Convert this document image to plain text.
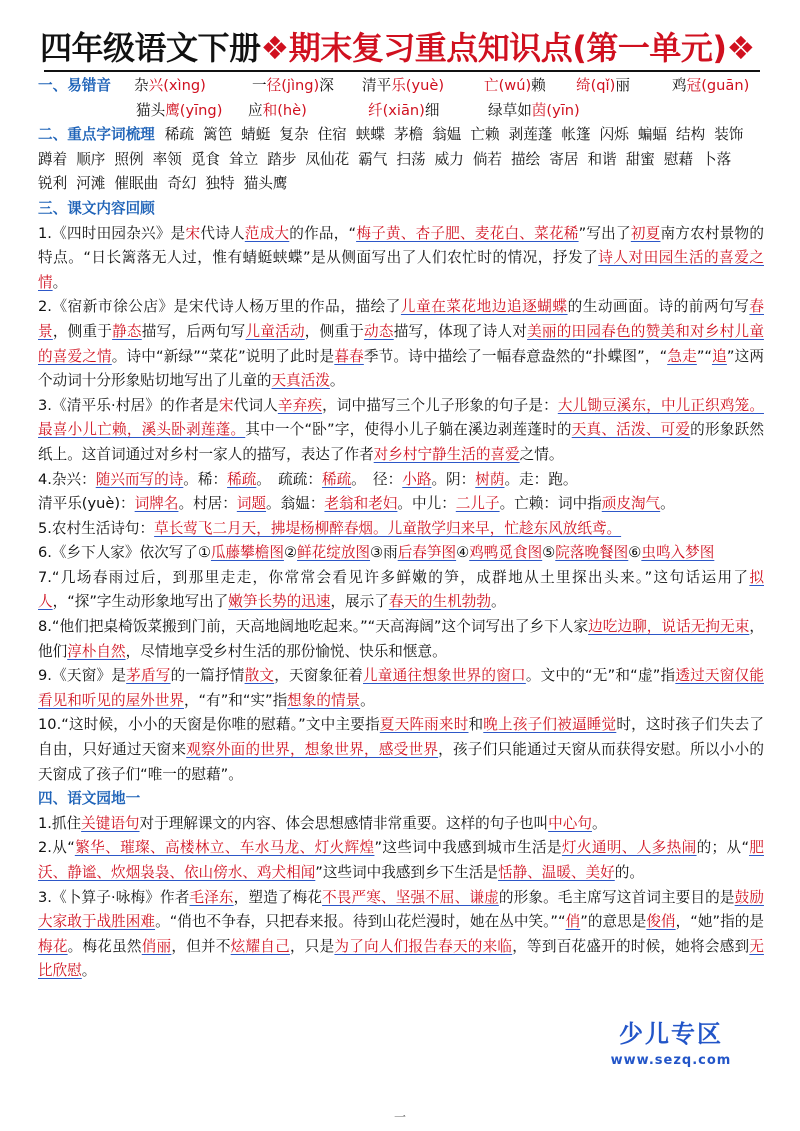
四年级语文下册❖期末复习重点知识点(第一单元)❖
一、易错音	杂兴(xìng)	一径(jìng)深	清平乐(yuè)	亡(wú)赖	绮(qǐ)丽	鸡冠(guān)
猫头鹰(yīng)	应和(hè)	纤(xiān)细	绿草如茵(yīn)
二、重点字词梳理 稀疏 篱笆 蜻蜓 复杂 住宿 蛱蝶 茅檐 翁媪 亡赖 剥莲蓬 帐篷 闪烁 蝙蝠 结构 装饰
蹲着 顺序 照例 率领 觅食 耸立 踏步 凤仙花 霸气 扫荡 威力 倘若 描绘 寄居 和谐 甜蜜 慰藉 卜落
锐利 河滩 催眠曲 奇幻 独特 猫头鹰
三、课文内容回顾
1.《四时田园杂兴》是宋代诗人范成大的作品，“梅子黄、杏子肥、麦花白、菜花稀”写出了初夏南方农村景物的特点。“日长篱落无人过，惟有蜻蜓蛱蝶”是从侧面写出了人们农忙时的情况，抒发了诗人对田园生活的喜爱之情。
2.《宿新市徐公店》是宋代诗人杨万里的作品，描绘了儿童在菜花地边追逐蝴蝶的生动画面。诗的前两句写春景，侧重于静态描写，后两句写儿童活动，侧重于动态描写，体现了诗人对美丽的田园春色的赞美和对乡村儿童的喜爱之情。诗中“新绿”“菜花”说明了此时是暮春季节。诗中描绘了一幅春意盎然的“扑蝶图”，“急走”“追”这两个动词十分形象贴切地写出了儿童的天真活泼。
3.《清平乐·村居》的作者是宋代词人辛弃疾，词中描写三个儿子形象的句子是：大儿锄豆溪东，中儿正织鸡笼。最喜小儿亡赖，溪头卧剥莲蓬。其中一个“卧”字，使得小儿子躺在溪边剥莲蓬时的天真、活泼、可爱的形象跃然纸上。这首词通过对乡村一家人的描写，表达了作者对乡村宁静生活的喜爱之情。
4.杂兴：随兴而写的诗。稀：稀疏。　疏疏：稀疏。　径：小路。阴：树荫。走：跑。
清平乐(yuè)：词牌名。村居：词题。翁媪：老翁和老妇。中儿：二儿子。亡赖：词中指顽皮淘气。
5.农村生活诗句：草长莺飞二月天，拂堤杨柳醉春烟。儿童散学归来早，忙趁东风放纸鸢。
6.《乡下人家》依次写了①瓜藤攀檐图②鲜花绽放图③雨后春笋图④鸡鸭觅食图⑤院落晚餐图⑥虫鸣入梦图
7.“几场春雨过后，到那里走走，你常常会看见许多鲜嫩的笋，成群地从土里探出头来。”这句话运用了拟人，“探”字生动形象地写出了嫩笋长势的迅速，展示了春天的生机勃勃。
8.“他们把桌椅饭菜搬到门前，天高地阔地吃起来。”“天高海阔”这个词写出了乡下人家边吃边聊，说话无拘无束，他们淳朴自然，尽情地享受乡村生活的那份愉悦、快乐和惬意。
9.《天窗》是茅盾写的一篇抒情散文，天窗象征着儿童通往想象世界的窗口。文中的“无”和“虚”指透过天窗仅能看见和听见的屋外世界，“有”和“实”指想象的情景。
10.“这时候，小小的天窗是你唯的慰藉。”文中主要指夏天阵雨来时和晚上孩子们被逼睡觉时，这时孩子们失去了自由，只好通过天窗来观察外面的世界，想象世界，感受世界，孩子们只能通过天窗从而获得安慰。所以小小的天窗成了孩子们“唯一的慰藉”。
四、语文园地一
1.抓住关键语句对于理解课文的内容、体会思想感情非常重要。这样的句子也叫中心句。
2.从“繁华、璀璨、高楼林立、车水马龙、灯火辉煌”这些词中我感到城市生活是灯火通明、人多热闹的；从“肥沃、静谧、炊烟袅袅、依山傍水、鸡犬相闻”这些词中我感到乡下生活是恬静、温暖、美好的。
3.《卜算子·咏梅》作者毛泽东，塑造了梅花不畏严寒、坚强不屈、谦虚的形象。毛主席写这首词主要目的是鼓励大家敢于战胜困难。“俏也不争春，只把春来报。待到山花烂漫时，她在丛中笑。”“俏”的意思是俊俏，“她”指的是梅花。梅花虽然俏丽，但并不炫耀自己，只是为了向人们报告春天的来临，等到百花盛开的时候，她将会感到无比欣慰。
少儿专区
www.sezq.com
一
